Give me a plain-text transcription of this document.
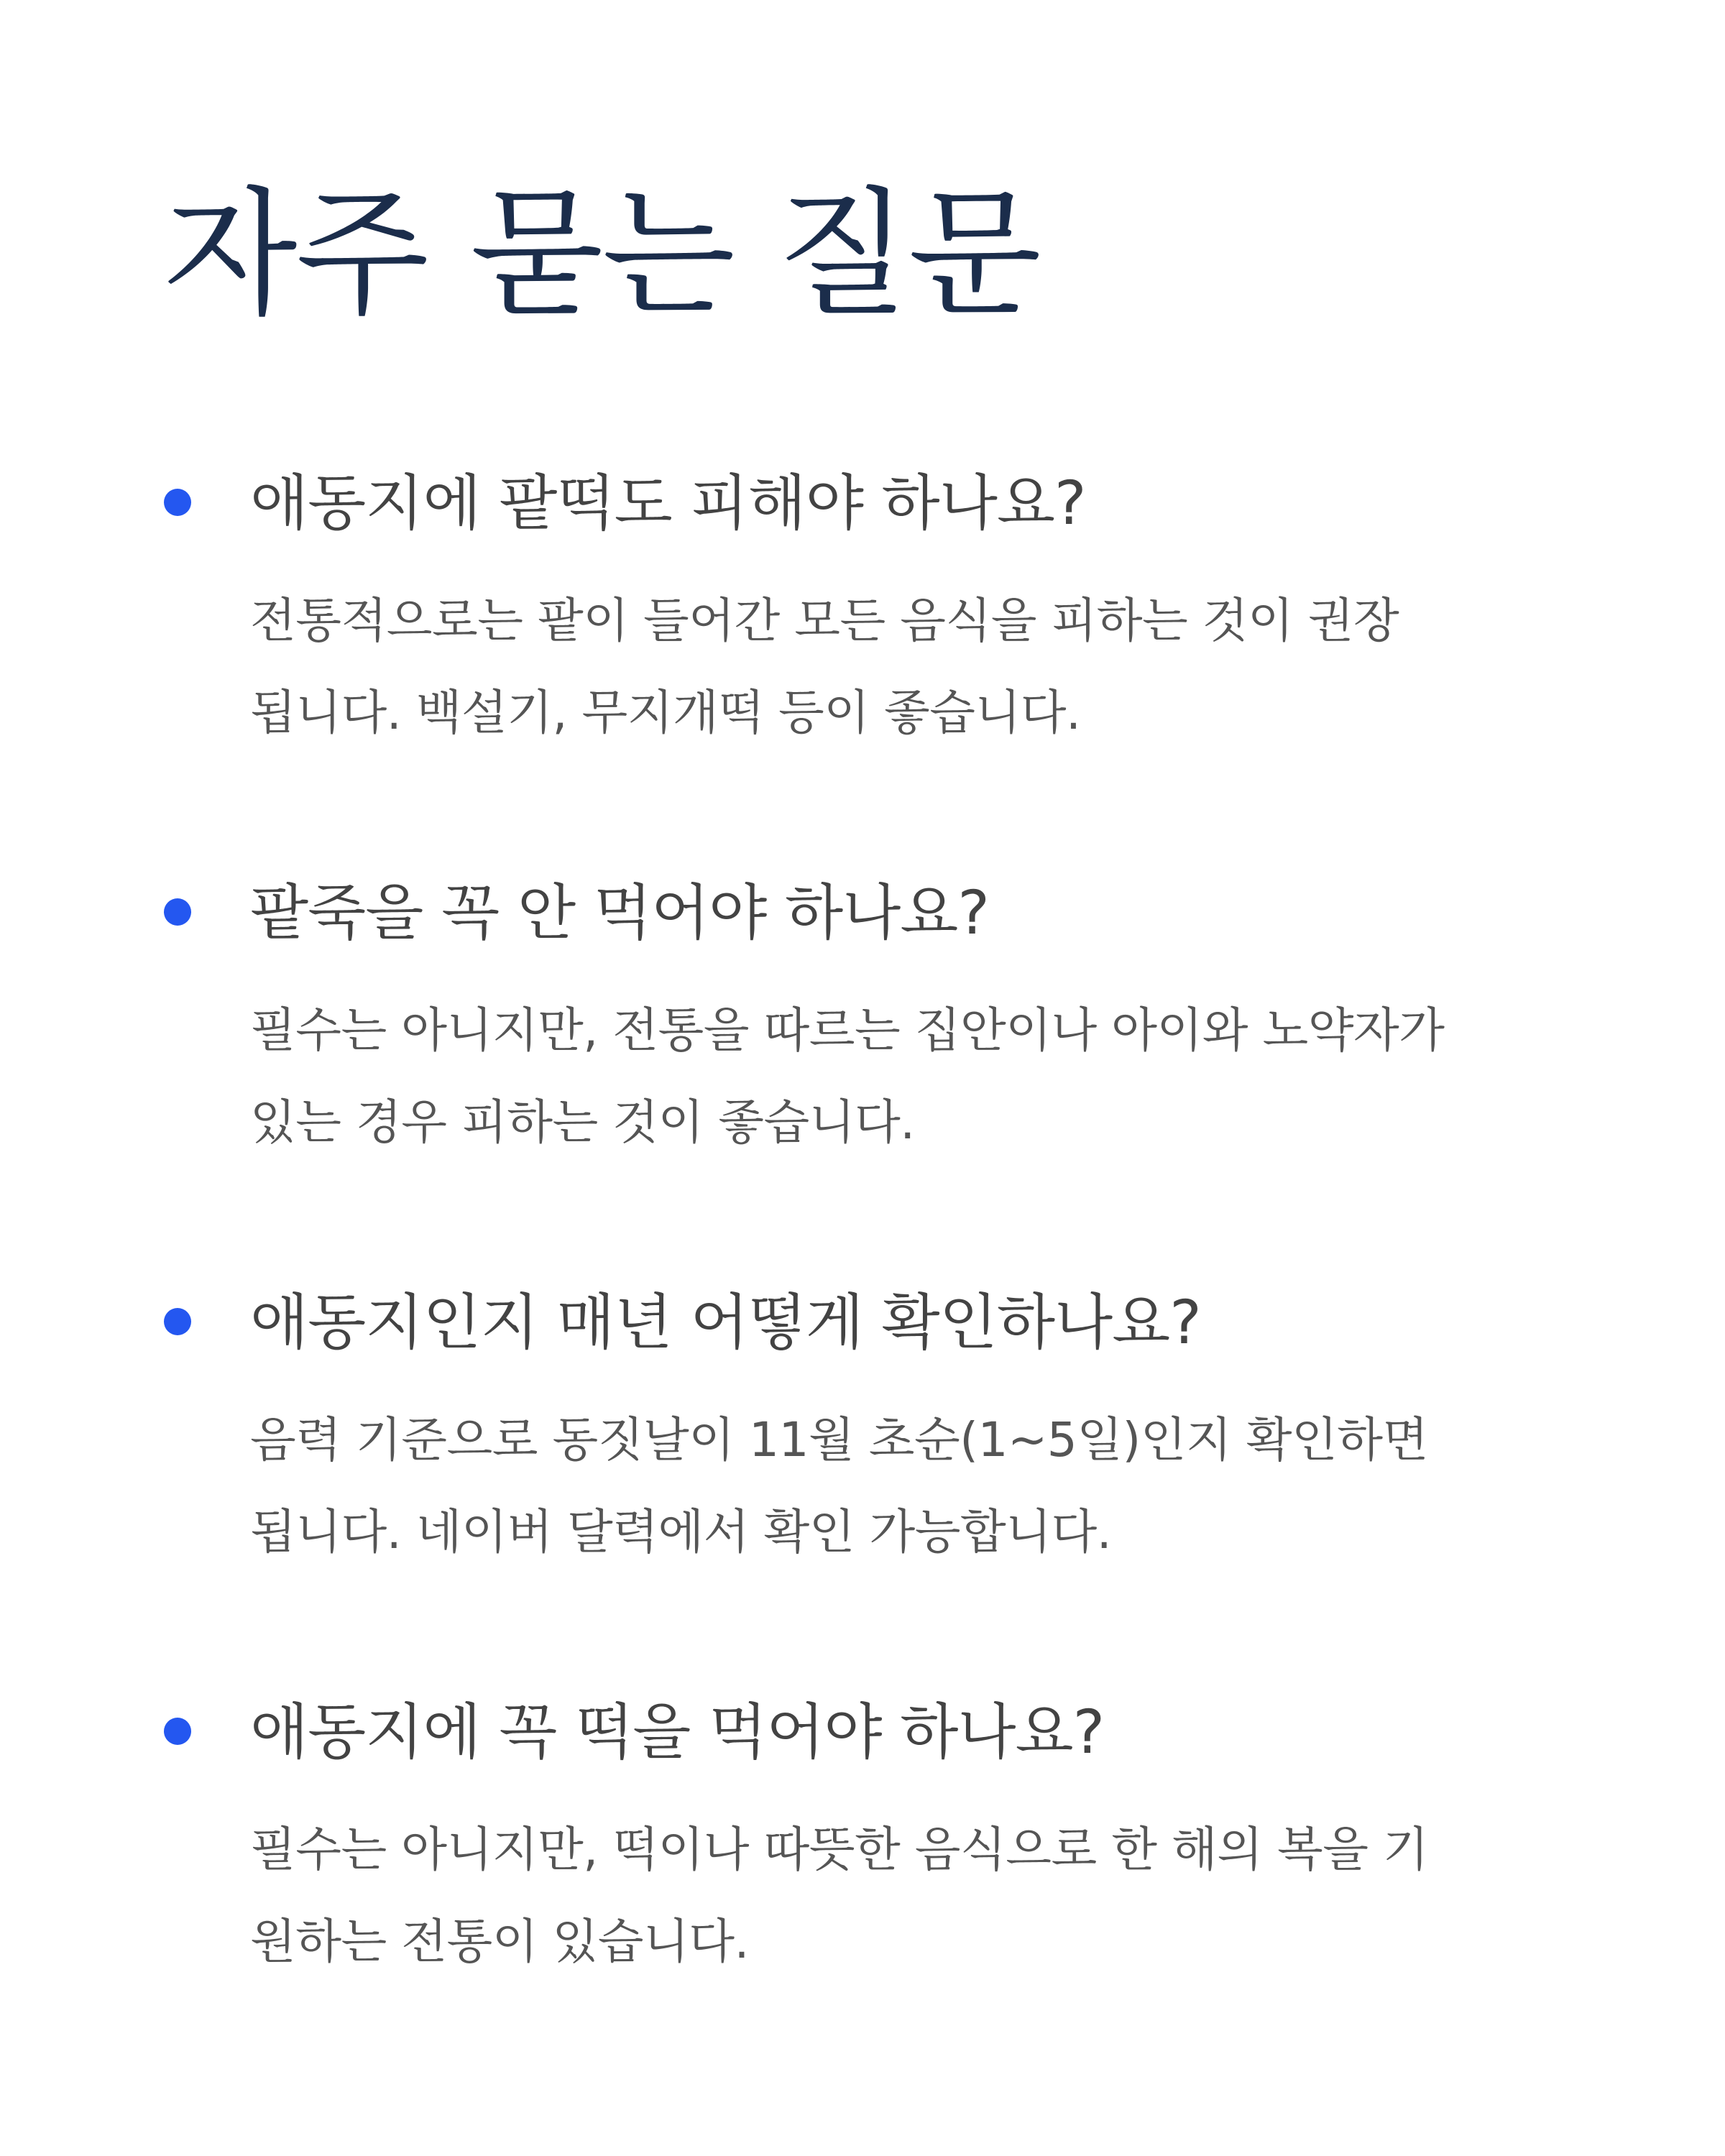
자주 묻는 질문
애동지에 팥떡도 피해야 하나요?

전통적으로는 팥이 들어간 모든 음식을 피하는 것이 권장
됩니다. 백설기, 무지개떡 등이 좋습니다.

팥죽을 꼭 안 먹어야 하나요?

필수는 아니지만, 전통을 따르는 집안이나 아이와 노약자가
있는 경우 피하는 것이 좋습니다.

애동지인지 매년 어떻게 확인하나요?

음력 기준으로 동짓날이 11월 초순(1~5일)인지 확인하면
됩니다. 네이버 달력에서 확인 가능합니다.

애동지에 꼭 떡을 먹어야 하나요?

필수는 아니지만, 떡이나 따뜻한 음식으로 한 해의 복을 기
원하는 전통이 있습니다.
